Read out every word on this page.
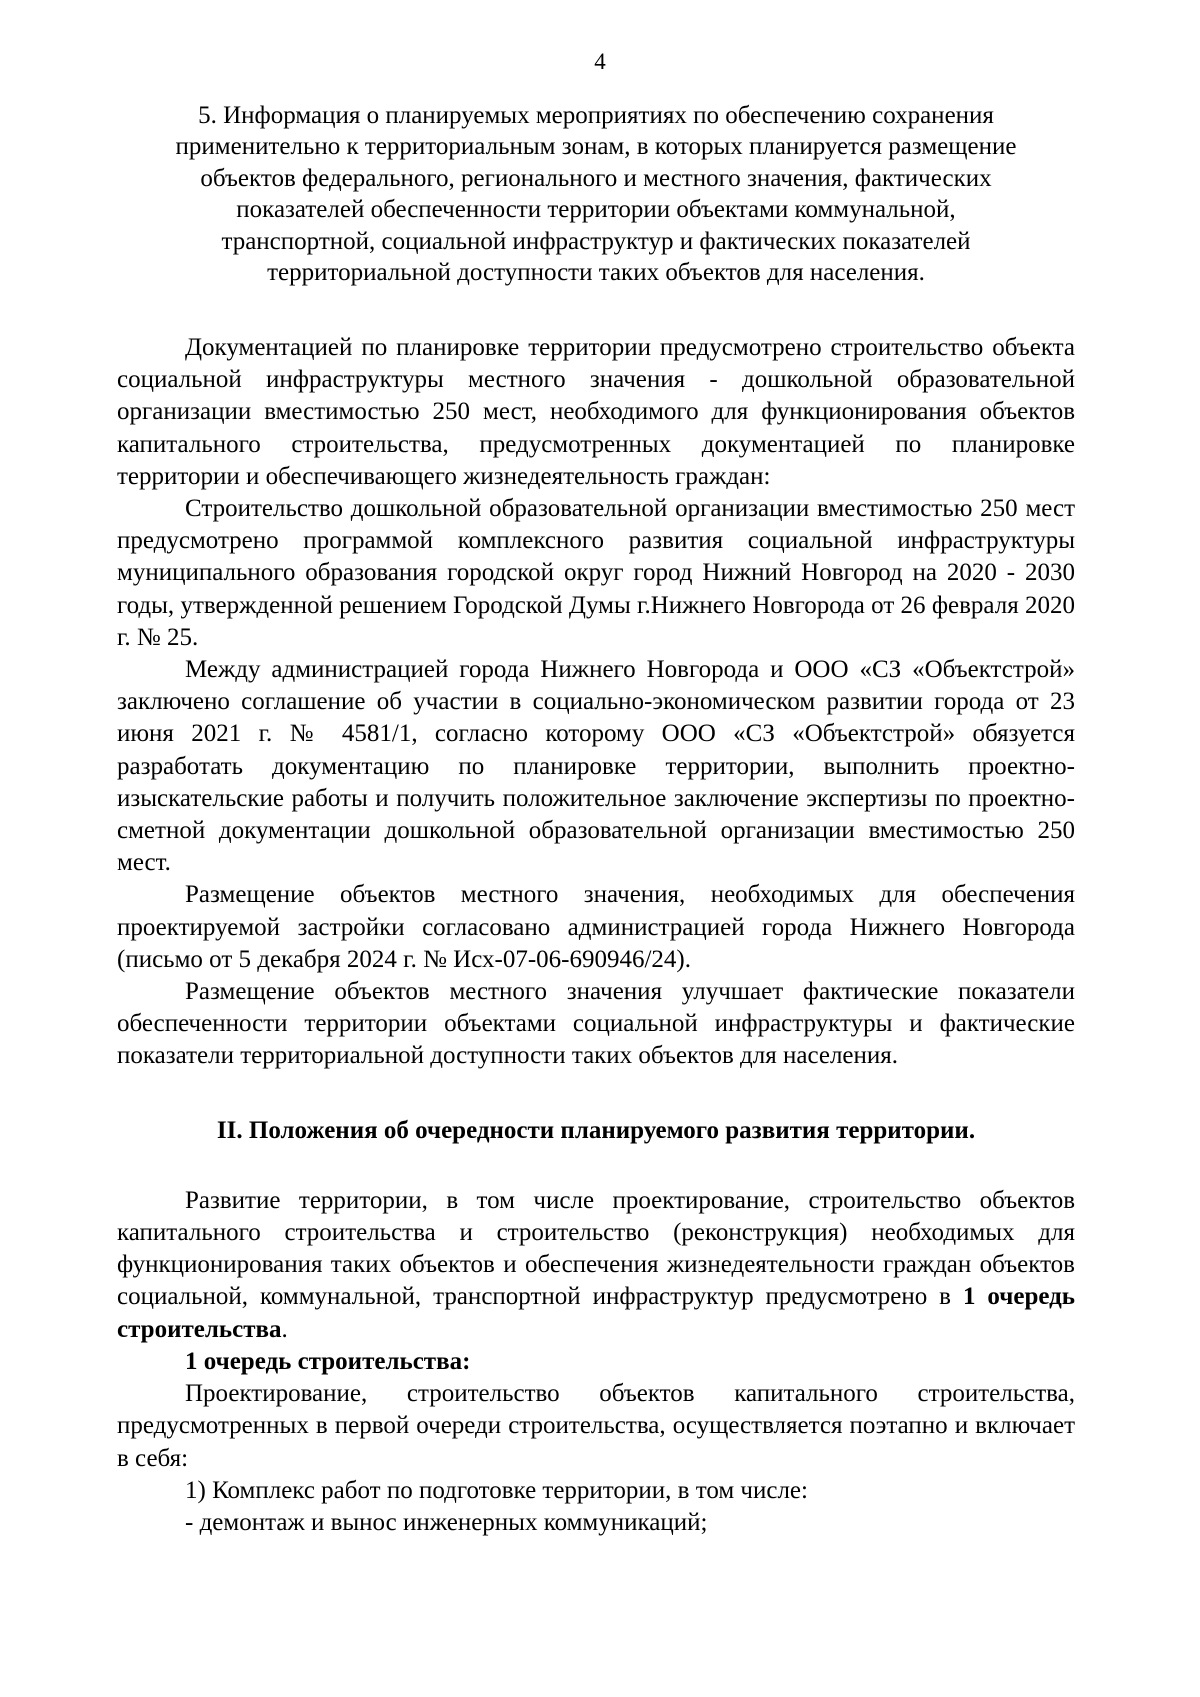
4
5. Информация о планируемых мероприятиях по обеспечению сохранения
применительно к территориальным зонам, в которых планируется размещение
объектов федерального, регионального и местного значения, фактических
показателей обеспеченности территории объектами коммунальной,
транспортной, социальной инфраструктур и фактических показателей
территориальной доступности таких объектов для населения.

Документацией по планировке территории предусмотрено строительство объекта социальной инфраструктуры местного значения - дошкольной образовательной организации вместимостью 250 мест, необходимого для функционирования объектов капитального строительства, предусмотренных документацией по планировке территории и обеспечивающего жизнедеятельность граждан:

Строительство дошкольной образовательной организации вместимостью 250 мест предусмотрено программой комплексного развития социальной инфраструктуры муниципального образования городской округ город Нижний Новгород на 2020 - 2030 годы, утвержденной решением Городской Думы г.Нижнего Новгорода от 26 февраля 2020 г. № 25.

Между администрацией города Нижнего Новгорода и ООО «СЗ «Объектстрой» заключено соглашение об участии в социально-экономическом развитии города от 23 июня 2021 г. № 4581/1, согласно которому ООО «СЗ «Объектстрой» обязуется разработать документацию по планировке территории, выполнить проектно-изыскательские работы и получить положительное заключение экспертизы по проектно-сметной документации дошкольной образовательной организации вместимостью 250 мест.

Размещение объектов местного значения, необходимых для обеспечения проектируемой застройки согласовано администрацией города Нижнего Новгорода (письмо от 5 декабря 2024 г. № Исх-07-06-690946/24).

Размещение объектов местного значения улучшает фактические показатели обеспеченности территории объектами социальной инфраструктуры и фактические показатели территориальной доступности таких объектов для населения.

II. Положения об очередности планируемого развития территории.

Развитие территории, в том числе проектирование, строительство объектов капитального строительства и строительство (реконструкция) необходимых для функционирования таких объектов и обеспечения жизнедеятельности граждан объектов социальной, коммунальной, транспортной инфраструктур предусмотрено в 1 очередь строительства.

1 очередь строительства:

Проектирование, строительство объектов капитального строительства, предусмотренных в первой очереди строительства, осуществляется поэтапно и включает в себя:

1) Комплекс работ по подготовке территории, в том числе:

- демонтаж и вынос инженерных коммуникаций;
